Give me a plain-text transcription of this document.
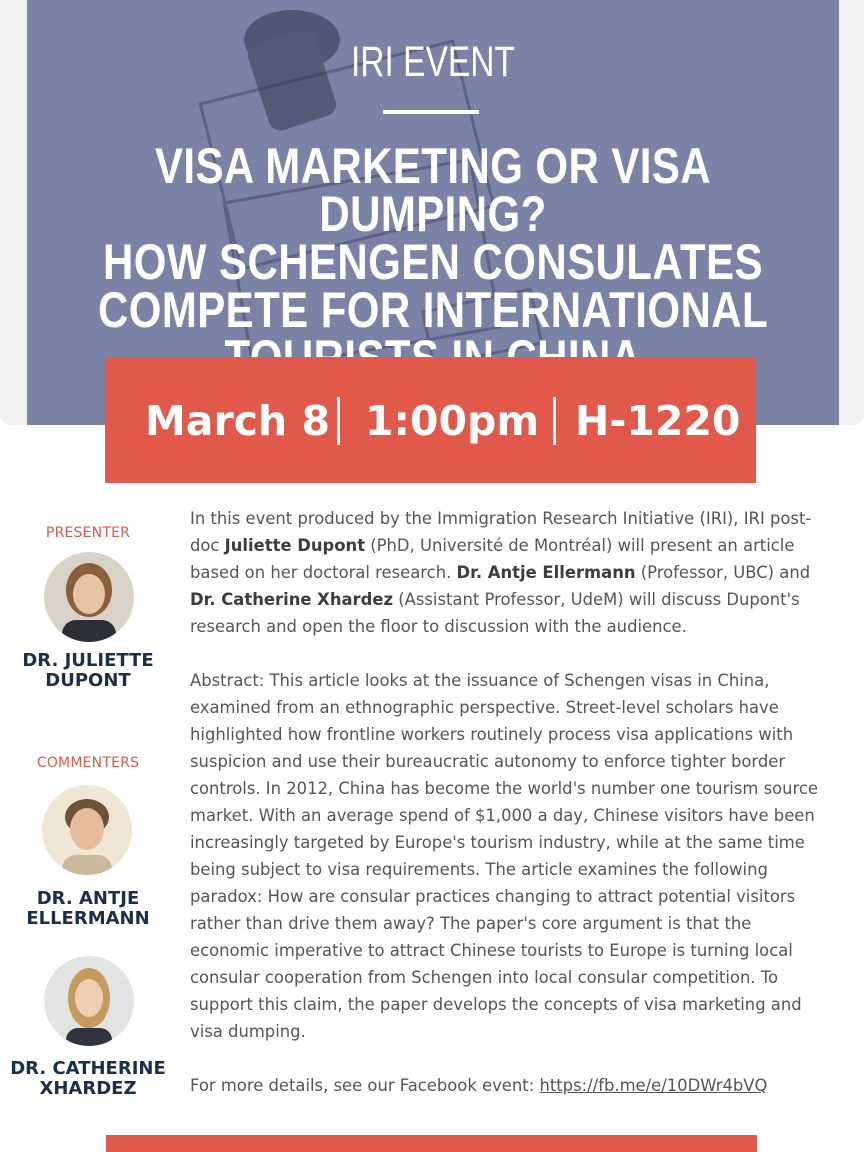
IRI EVENT
VISA MARKETING OR VISA DUMPING?
HOW SCHENGEN CONSULATES
COMPETE FOR INTERNATIONAL
March 8 1:00pm H-1220
PRESENTER
DR. JULIETTE
DUPONT
COMMENTERS
DR. ANTJE
ELLERMANN
DR. CATHERINE
XHARDEZ

In this event produced by the Immigration Research Initiative (IRI), IRI post-doc Juliette Dupont (PhD, Université de Montréal) will present an article based on her doctoral research. Dr. Antje Ellermann (Professor, UBC) and Dr. Catherine Xhardez (Assistant Professor, UdeM) will discuss Dupont's research and open the floor to discussion with the audience.

Abstract: This article looks at the issuance of Schengen visas in China, examined from an ethnographic perspective. Street-level scholars have highlighted how frontline workers routinely process visa applications with suspicion and use their bureaucratic autonomy to enforce tighter border controls. In 2012, China has become the world's number one tourism source market. With an average spend of $1,000 a day, Chinese visitors have been increasingly targeted by Europe's tourism industry, while at the same time being subject to visa requirements. The article examines the following paradox: How are consular practices changing to attract potential visitors rather than drive them away? The paper's core argument is that the economic imperative to attract Chinese tourists to Europe is turning local consular cooperation from Schengen into local consular competition. To support this claim, the paper develops the concepts of visa marketing and visa dumping.

For more details, see our Facebook event: https://fb.me/e/10DWr4bVQ
